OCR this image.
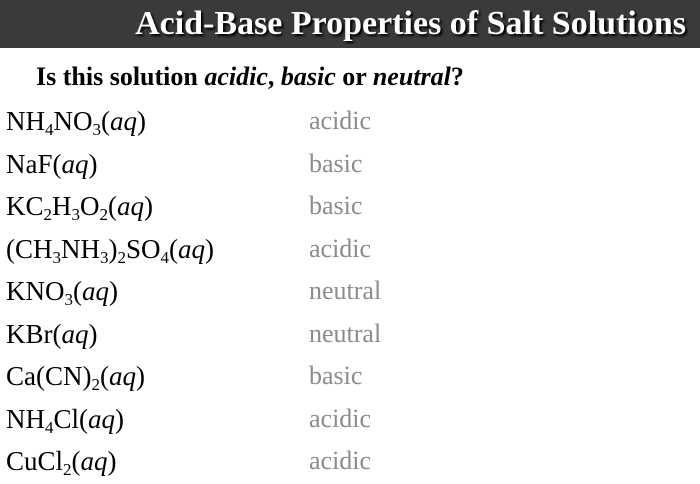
Acid-Base Properties of Salt Solutions
Is this solution acidic, basic or neutral?
$NH_4NO_3(aq)$	acidic
NaF(aq)	basic
$KC_2H_3O_2(aq)$	basic
$(CH_3NH_3)_2SO_4(aq)$	acidic
$KNO_3(aq)$	neutral
KBr(aq)	neutral
$Ca(CN)_2(aq)$	basic
$NH_4Cl(aq)$	acidic
CuCl$_2$(aq)	acidic
